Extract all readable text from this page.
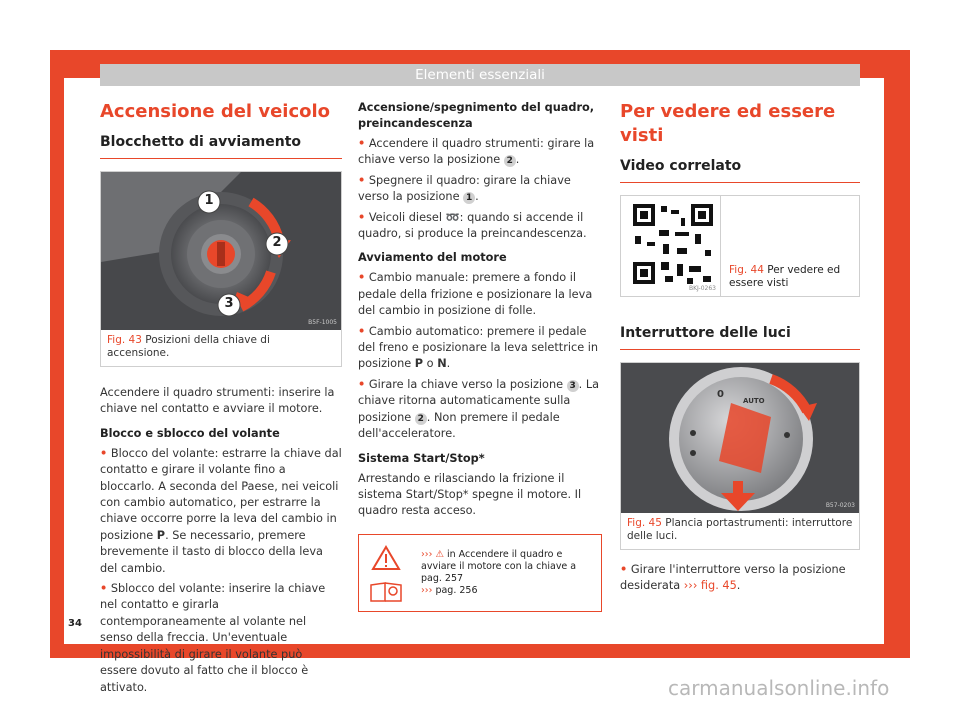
Elementi essenziali
Accensione del veicolo
Blocchetto di avviamento
1
2
3
B5F-1005
Fig. 43 Posizioni della chiave di accensione.
Accendere il quadro strumenti: inserire la chiave nel contatto e avviare il motore.
Blocco e sblocco del volante
• Blocco del volante: estrarre la chiave dal contatto e girare il volante fino a bloccarlo. A seconda del Paese, nei veicoli con cambio automatico, per estrarre la chiave occorre porre la leva del cambio in posizione P. Se necessario, premere brevemente il tasto di blocco della leva del cambio.
• Sblocco del volante: inserire la chiave nel contatto e girarla contemporaneamente al volante nel senso della freccia. Un'eventuale impossibilità di girare il volante può essere dovuto al fatto che il blocco è attivato.
Accensione/spegnimento del quadro, preincandescenza
• Accendere il quadro strumenti: girare la chiave verso la posizione 2 .
• Spegnere il quadro: girare la chiave verso la posizione 1 .
• Veicoli diesel ➿: quando si accende il quadro, si produce la preincandescenza.
Avviamento del motore
• Cambio manuale: premere a fondo il pedale della frizione e posizionare la leva del cambio in posizione di folle.
• Cambio automatico: premere il pedale del freno e posizionare la leva selettrice in posizione P o N.
• Girare la chiave verso la posizione 3 . La chiave ritorna automaticamente sulla posizione 2 . Non premere il pedale dell'acceleratore.
Sistema Start/Stop*
Arrestando e rilasciando la frizione il sistema Start/Stop* spegne il motore. Il quadro resta acceso.
››› ⚠ in Accendere il quadro e avviare il motore con la chiave a pag. 257
››› pag. 256
Per vedere ed essere visti
Video correlato
BKJ-0263
Fig. 44 Per vedere ed essere visti
Interruttore delle luci
0
AUTO
B57-0203
Fig. 45 Plancia portastrumenti: interruttore delle luci.
• Girare l'interruttore verso la posizione desiderata ››› fig. 45.
34
carmanualsonline.info
